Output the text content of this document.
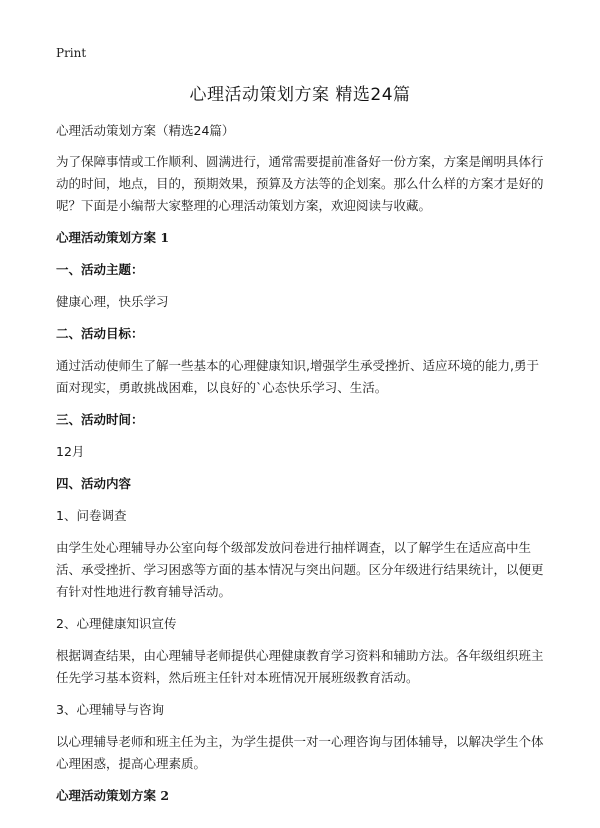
Print
心理活动策划方案 精选24篇

心理活动策划方案（精选24篇）

为了保障事情或工作顺利、圆满进行，通常需要提前准备好一份方案，方案是阐明具体行动的时间，地点，目的，预期效果，预算及方法等的企划案。那么什么样的方案才是好的呢？下面是小编帮大家整理的心理活动策划方案，欢迎阅读与收藏。

心理活动策划方案 1

一、活动主题：

健康心理，快乐学习

二、活动目标：

通过活动使师生了解一些基本的心理健康知识,增强学生承受挫折、适应环境的能力,勇于面对现实，勇敢挑战困难，以良好的`心态快乐学习、生活。

三、活动时间：

12月

四、活动内容

1、问卷调查

由学生处心理辅导办公室向每个级部发放问卷进行抽样调查，以了解学生在适应高中生活、承受挫折、学习困惑等方面的基本情况与突出问题。区分年级进行结果统计，以便更有针对性地进行教育辅导活动。

2、心理健康知识宣传

根据调查结果，由心理辅导老师提供心理健康教育学习资料和辅助方法。各年级组织班主任先学习基本资料，然后班主任针对本班情况开展班级教育活动。

3、心理辅导与咨询

以心理辅导老师和班主任为主，为学生提供一对一心理咨询与团体辅导，以解决学生个体心理困惑，提高心理素质。

心理活动策划方案 2
